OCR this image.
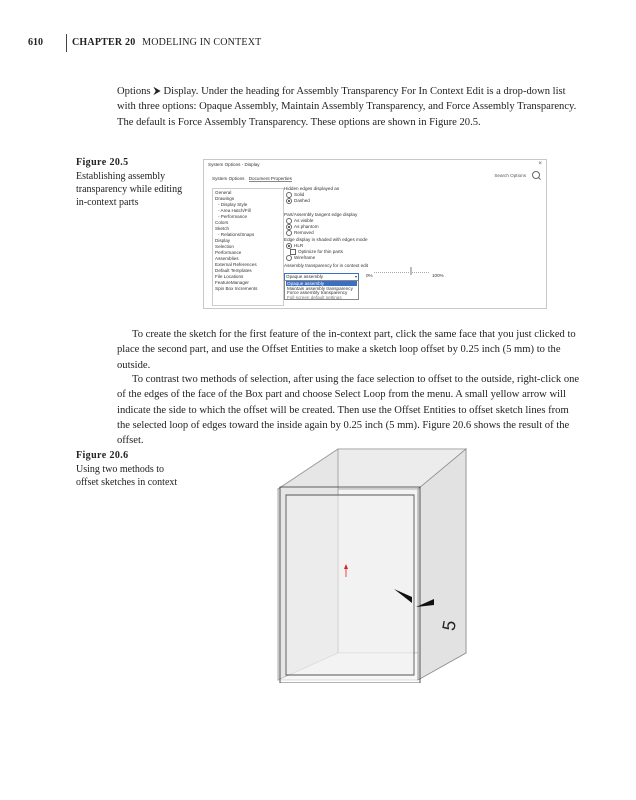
610	CHAPTER 20 MODELING IN CONTEXT
Options ⮞ Display. Under the heading for Assembly Transparency For In Context Edit is a drop-down list with three options: Opaque Assembly, Maintain Assembly Transparency, and Force Assembly Transparency. The default is Force Assembly Transparency. These options are shown in Figure 20.5.
Figure 20.5
Establishing assembly transparency while editing in-context parts
System Options - Display	×
System Options Document Properties
Search Options
General
Drawings
- Display Style
- Area Hatch/Fill
- Performance
Colors
Sketch
- Relations/Snaps
Display
Selection
Performance
Assemblies
External References
Default Templates
File Locations
FeatureManager
Spin Box Increments
Hidden edges displayed as
Solid
Dashed
Part/Assembly tangent edge display
As visible
As phantom
Removed
Edge display in shaded with edges mode
HLR
Optimize for thin parts
Wireframe
Assembly transparency for in context edit
Opaque assembly	▾ 0%	100%
Opaque assembly
Maintain assembly transparency
Force assembly transparency
Full screen default settings
To create the sketch for the first feature of the in-context part, click the same face that you just clicked to place the second part, and use the Offset Entities to make a sketch loop offset by 0.25 inch (5 mm) to the outside.
To contrast two methods of selection, after using the face selection to offset to the outside, right-click one of the edges of the face of the Box part and choose Select Loop from the menu. A small yellow arrow will indicate the side to which the offset will be created. Then use the Offset Entities to offset sketch lines from the selected loop of edges toward the inside again by 0.25 inch (5 mm). Figure 20.6 shows the result of the offset.
Figure 20.6
Using two methods to offset sketches in context
5
